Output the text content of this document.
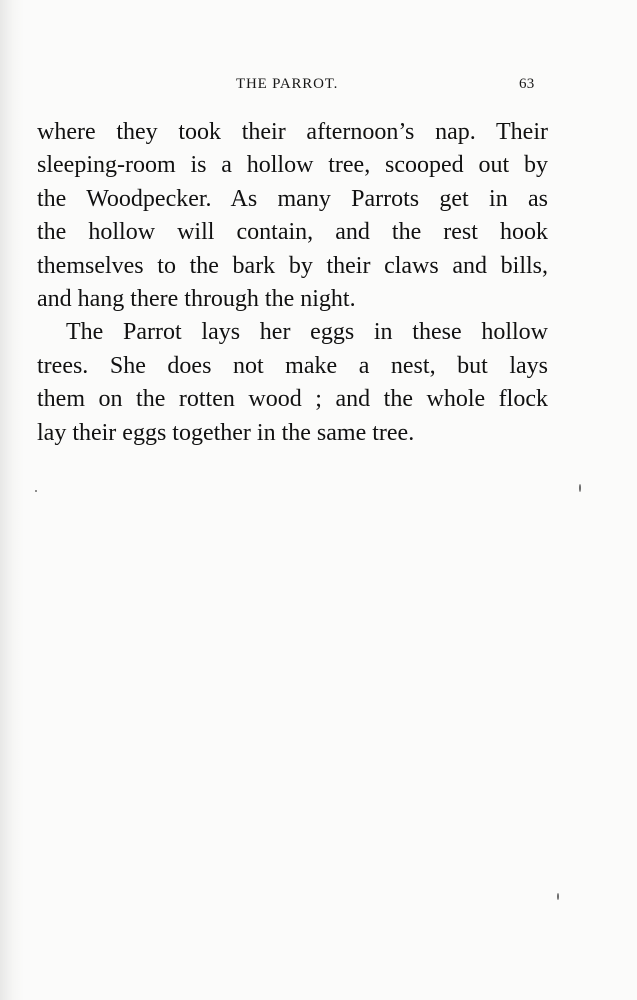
THE PARROT.	63
where they took their afternoon’s nap. Their
sleeping-room is a hollow tree, scooped out by
the Woodpecker. As many Parrots get in as
the hollow will contain, and the rest hook
themselves to the bark by their claws and bills,
and hang there through the night.
The Parrot lays her eggs in these hollow
trees. She does not make a nest, but lays
them on the rotten wood ; and the whole flock
lay their eggs together in the same tree.
